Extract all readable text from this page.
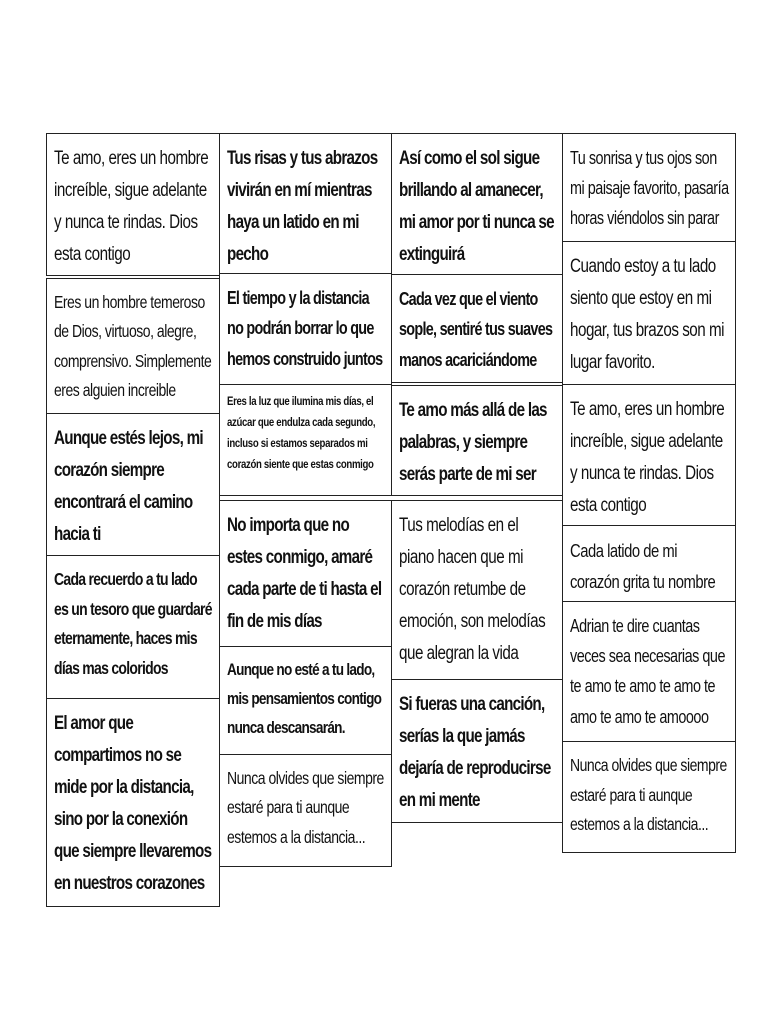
Te amo, eres un hombre increíble, sigue adelante y nunca te rindas. Dios esta contigo

Eres un hombre temeroso de Dios, virtuoso, alegre, comprensivo. Simplemente eres alguien increible

Aunque estés lejos, mi corazón siempre encontrará el camino hacia ti

Cada recuerdo a tu lado es un tesoro que guardaré eternamente, haces mis días mas coloridos

El amor que compartimos no se mide por la distancia, sino por la conexión que siempre llevaremos en nuestros corazones

Tus risas y tus abrazos vivirán en mí mientras haya un latido en mi pecho

El tiempo y la distancia no podrán borrar lo que hemos construido juntos

Eres la luz que ilumina mis días, el azúcar que endulza cada segundo, incluso si estamos separados mi corazón siente que estas conmigo

No importa que no estes conmigo, amaré cada parte de ti hasta el fin de mis días

Aunque no esté a tu lado, mis pensamientos contigo nunca descansarán.

Nunca olvides que siempre estaré para ti aunque estemos a la distancia...

Así como el sol sigue brillando al amanecer, mi amor por ti nunca se extinguirá

Cada vez que el viento sople, sentiré tus suaves manos acariciándome

Te amo más allá de las palabras, y siempre serás parte de mi ser

Tus melodías en el piano hacen que mi corazón retumbe de emoción, son melodías que alegran la vida

Si fueras una canción, serías la que jamás dejaría de reproducirse en mi mente

Tu sonrisa y tus ojos son mi paisaje favorito, pasaría horas viéndolos sin parar

Cuando estoy a tu lado siento que estoy en mi hogar, tus brazos son mi lugar favorito.

Te amo, eres un hombre increíble, sigue adelante y nunca te rindas. Dios esta contigo

Cada latido de mi corazón grita tu nombre

Adrian te dire cuantas veces sea necesarias que te amo te amo te amo te amo te amo te amoooo

Nunca olvides que siempre estaré para ti aunque estemos a la distancia...
